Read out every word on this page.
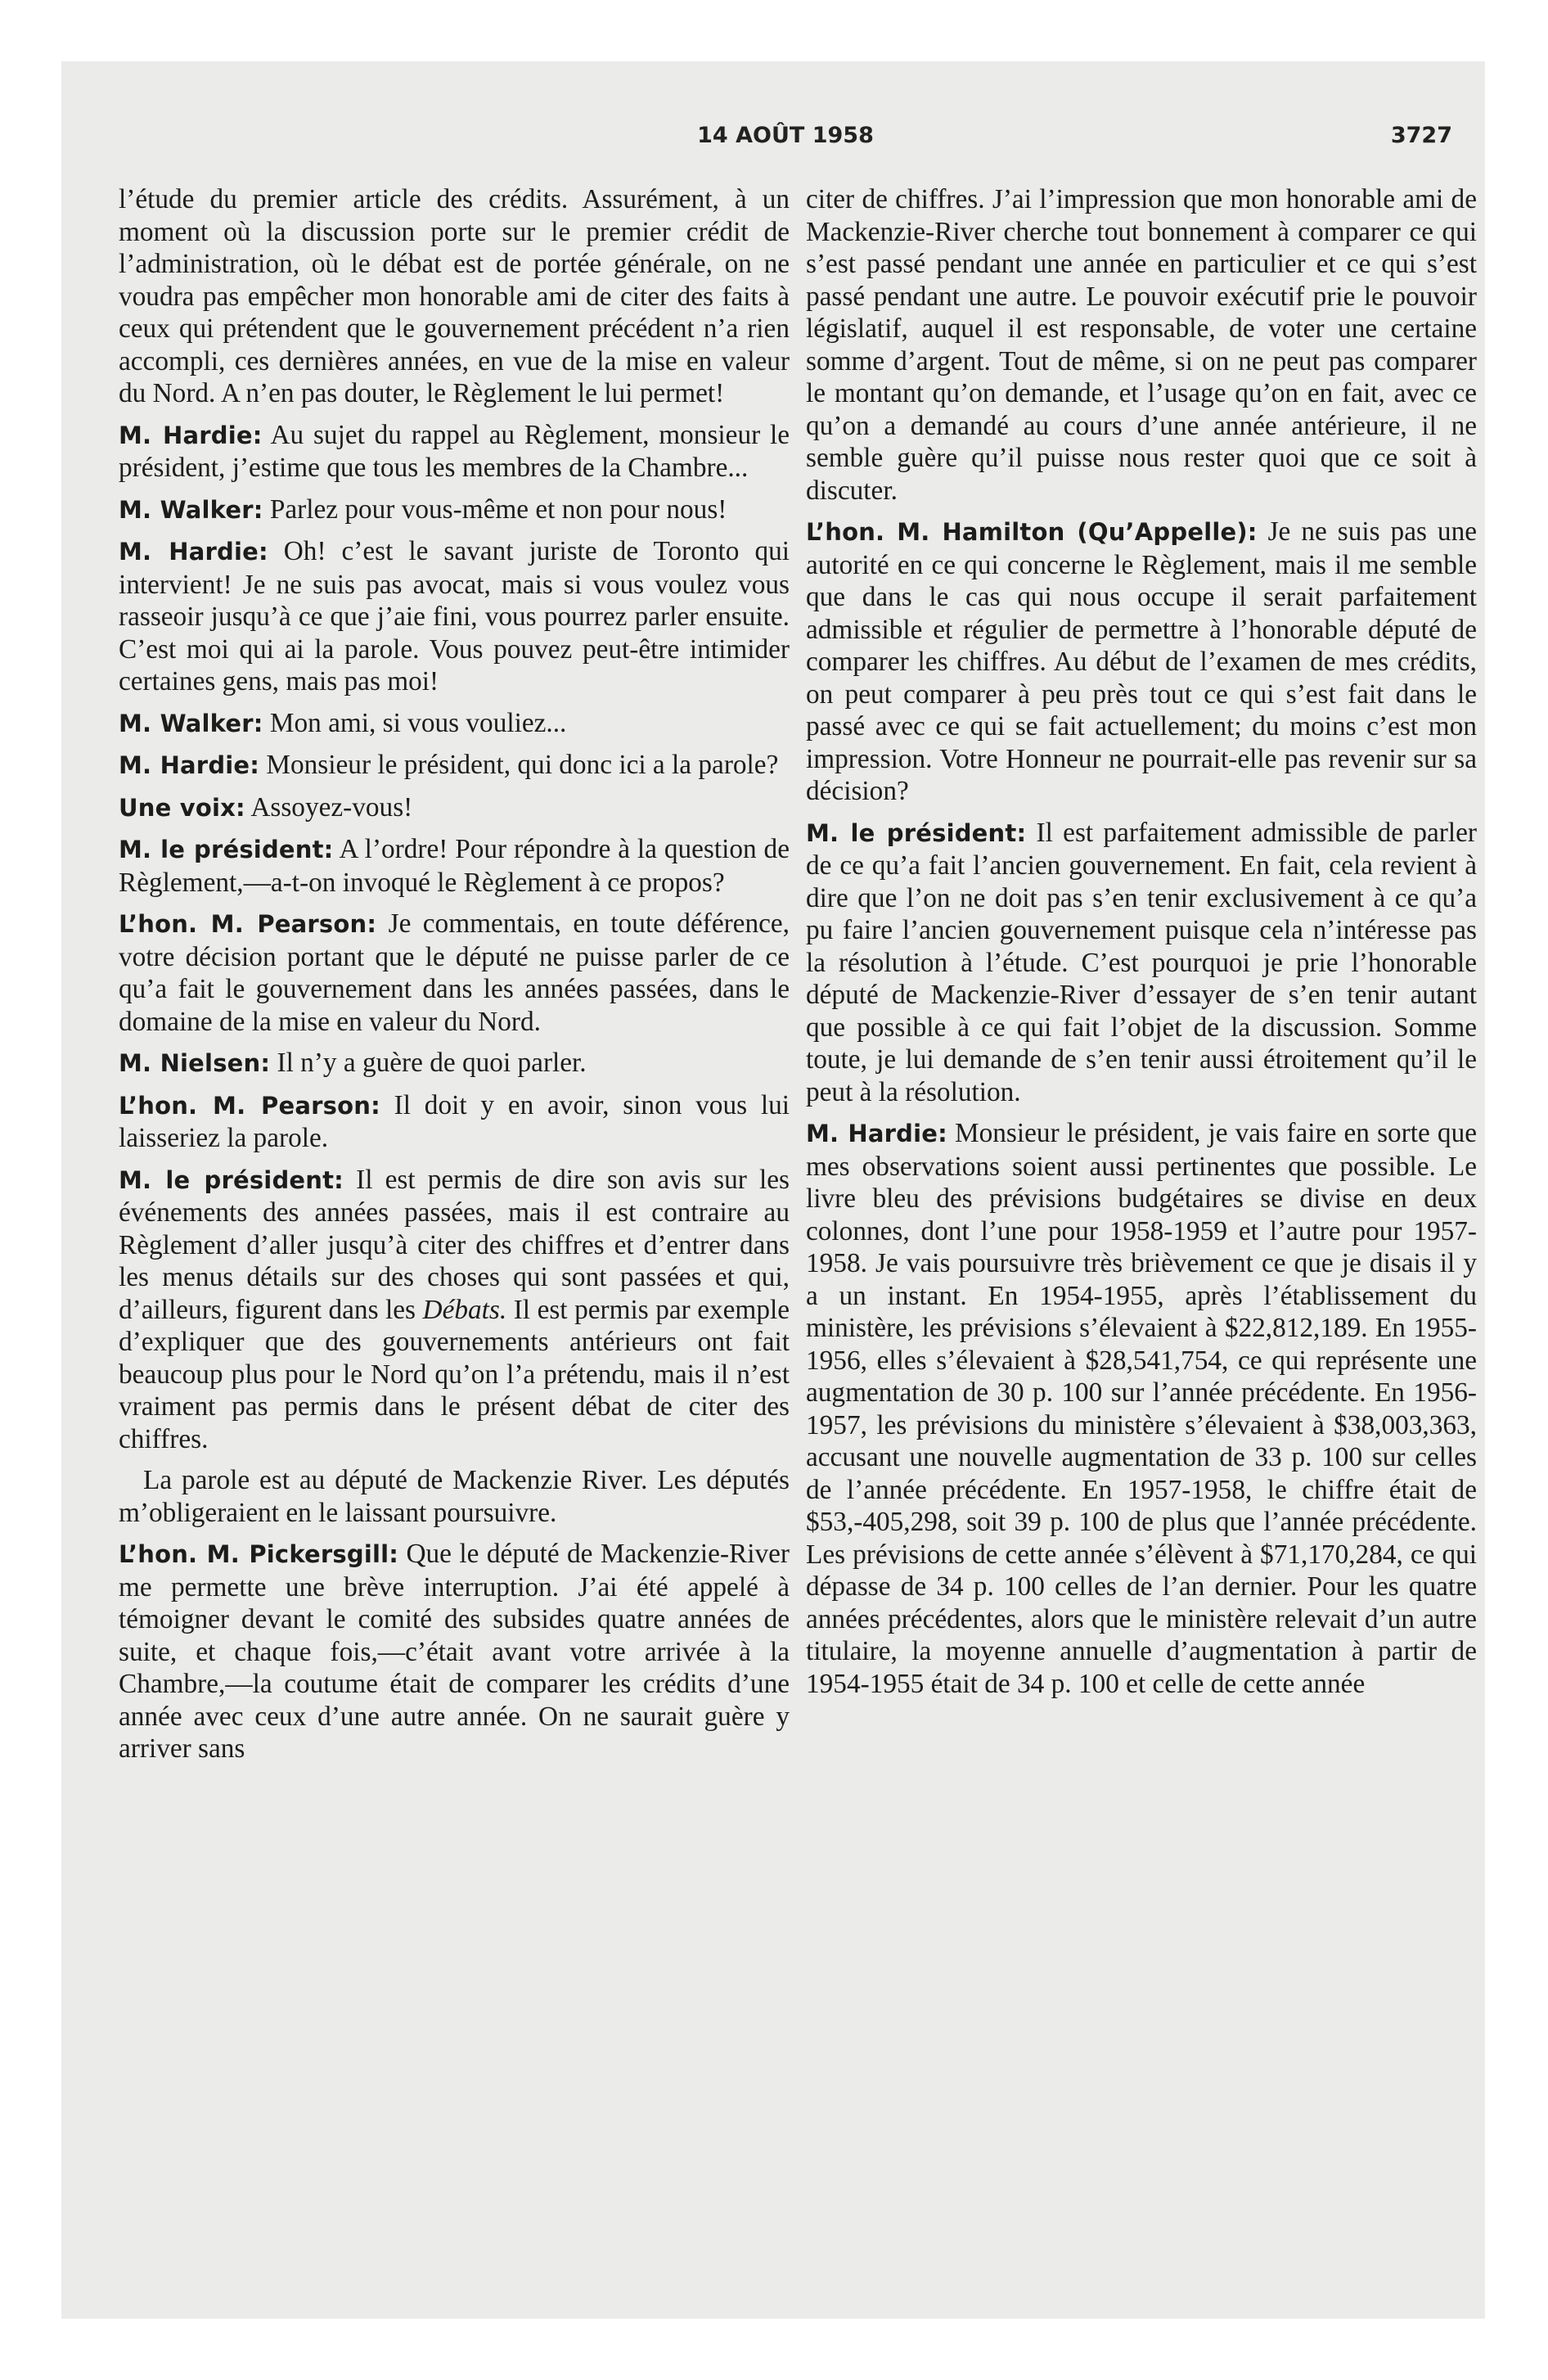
14 AOÛT 1958	3727

l’étude du premier article des crédits. Assurément, à un moment où la discussion porte sur le premier crédit de l’administration, où le débat est de portée générale, on ne voudra pas empêcher mon honorable ami de citer des faits à ceux qui prétendent que le gouvernement précédent n’a rien accompli, ces dernières années, en vue de la mise en valeur du Nord. A n’en pas douter, le Règlement le lui permet!

M. Hardie: Au sujet du rappel au Règlement, monsieur le président, j’estime que tous les membres de la Chambre...

M. Walker: Parlez pour vous-même et non pour nous!

M. Hardie: Oh! c’est le savant juriste de Toronto qui intervient! Je ne suis pas avocat, mais si vous voulez vous rasseoir jusqu’à ce que j’aie fini, vous pourrez parler ensuite. C’est moi qui ai la parole. Vous pouvez peut-être intimider certaines gens, mais pas moi!

M. Walker: Mon ami, si vous vouliez...

M. Hardie: Monsieur le président, qui donc ici a la parole?

Une voix: Assoyez-vous!

M. le président: A l’ordre! Pour répondre à la question de Règlement,—a-t-on invoqué le Règlement à ce propos?

L’hon. M. Pearson: Je commentais, en toute déférence, votre décision portant que le député ne puisse parler de ce qu’a fait le gouvernement dans les années passées, dans le domaine de la mise en valeur du Nord.

M. Nielsen: Il n’y a guère de quoi parler.

L’hon. M. Pearson: Il doit y en avoir, sinon vous lui laisseriez la parole.

M. le président: Il est permis de dire son avis sur les événements des années passées, mais il est contraire au Règlement d’aller jusqu’à citer des chiffres et d’entrer dans les menus détails sur des choses qui sont passées et qui, d’ailleurs, figurent dans les Débats. Il est permis par exemple d’expliquer que des gouvernements antérieurs ont fait beaucoup plus pour le Nord qu’on l’a prétendu, mais il n’est vraiment pas permis dans le présent débat de citer des chiffres.

La parole est au député de Mackenzie River. Les députés m’obligeraient en le laissant poursuivre.

L’hon. M. Pickersgill: Que le député de Mackenzie-River me permette une brève interruption. J’ai été appelé à témoigner devant le comité des subsides quatre années de suite, et chaque fois,—c’était avant votre arrivée à la Chambre,—la coutume était de comparer les crédits d’une année avec ceux d’une autre année. On ne saurait guère y arriver sans

citer de chiffres. J’ai l’impression que mon honorable ami de Mackenzie-River cherche tout bonnement à comparer ce qui s’est passé pendant une année en particulier et ce qui s’est passé pendant une autre. Le pouvoir exécutif prie le pouvoir législatif, auquel il est responsable, de voter une certaine somme d’argent. Tout de même, si on ne peut pas comparer le montant qu’on demande, et l’usage qu’on en fait, avec ce qu’on a demandé au cours d’une année antérieure, il ne semble guère qu’il puisse nous rester quoi que ce soit à discuter.

L’hon. M. Hamilton (Qu’Appelle): Je ne suis pas une autorité en ce qui concerne le Règlement, mais il me semble que dans le cas qui nous occupe il serait parfaitement admissible et régulier de permettre à l’honorable député de comparer les chiffres. Au début de l’examen de mes crédits, on peut comparer à peu près tout ce qui s’est fait dans le passé avec ce qui se fait actuellement; du moins c’est mon impression. Votre Honneur ne pourrait-elle pas revenir sur sa décision?

M. le président: Il est parfaitement admissible de parler de ce qu’a fait l’ancien gouvernement. En fait, cela revient à dire que l’on ne doit pas s’en tenir exclusivement à ce qu’a pu faire l’ancien gouvernement puisque cela n’intéresse pas la résolution à l’étude. C’est pourquoi je prie l’honorable député de Mackenzie-River d’essayer de s’en tenir autant que possible à ce qui fait l’objet de la discussion. Somme toute, je lui demande de s’en tenir aussi étroitement qu’il le peut à la résolution.

M. Hardie: Monsieur le président, je vais faire en sorte que mes observations soient aussi pertinentes que possible. Le livre bleu des prévisions budgétaires se divise en deux colonnes, dont l’une pour 1958-1959 et l’autre pour 1957-1958. Je vais poursuivre très brièvement ce que je disais il y a un instant. En 1954-1955, après l’établissement du ministère, les prévisions s’élevaient à $22,812,189. En 1955-1956, elles s’élevaient à $28,541,754, ce qui représente une augmentation de 30 p. 100 sur l’année précédente. En 1956-1957, les prévisions du ministère s’élevaient à $38,003,363, accusant une nouvelle augmentation de 33 p. 100 sur celles de l’année précédente. En 1957-1958, le chiffre était de $53,-405,298, soit 39 p. 100 de plus que l’année précédente. Les prévisions de cette année s’élèvent à $71,170,284, ce qui dépasse de 34 p. 100 celles de l’an dernier. Pour les quatre années précédentes, alors que le ministère relevait d’un autre titulaire, la moyenne annuelle d’augmentation à partir de 1954-1955 était de 34 p. 100 et celle de cette année
